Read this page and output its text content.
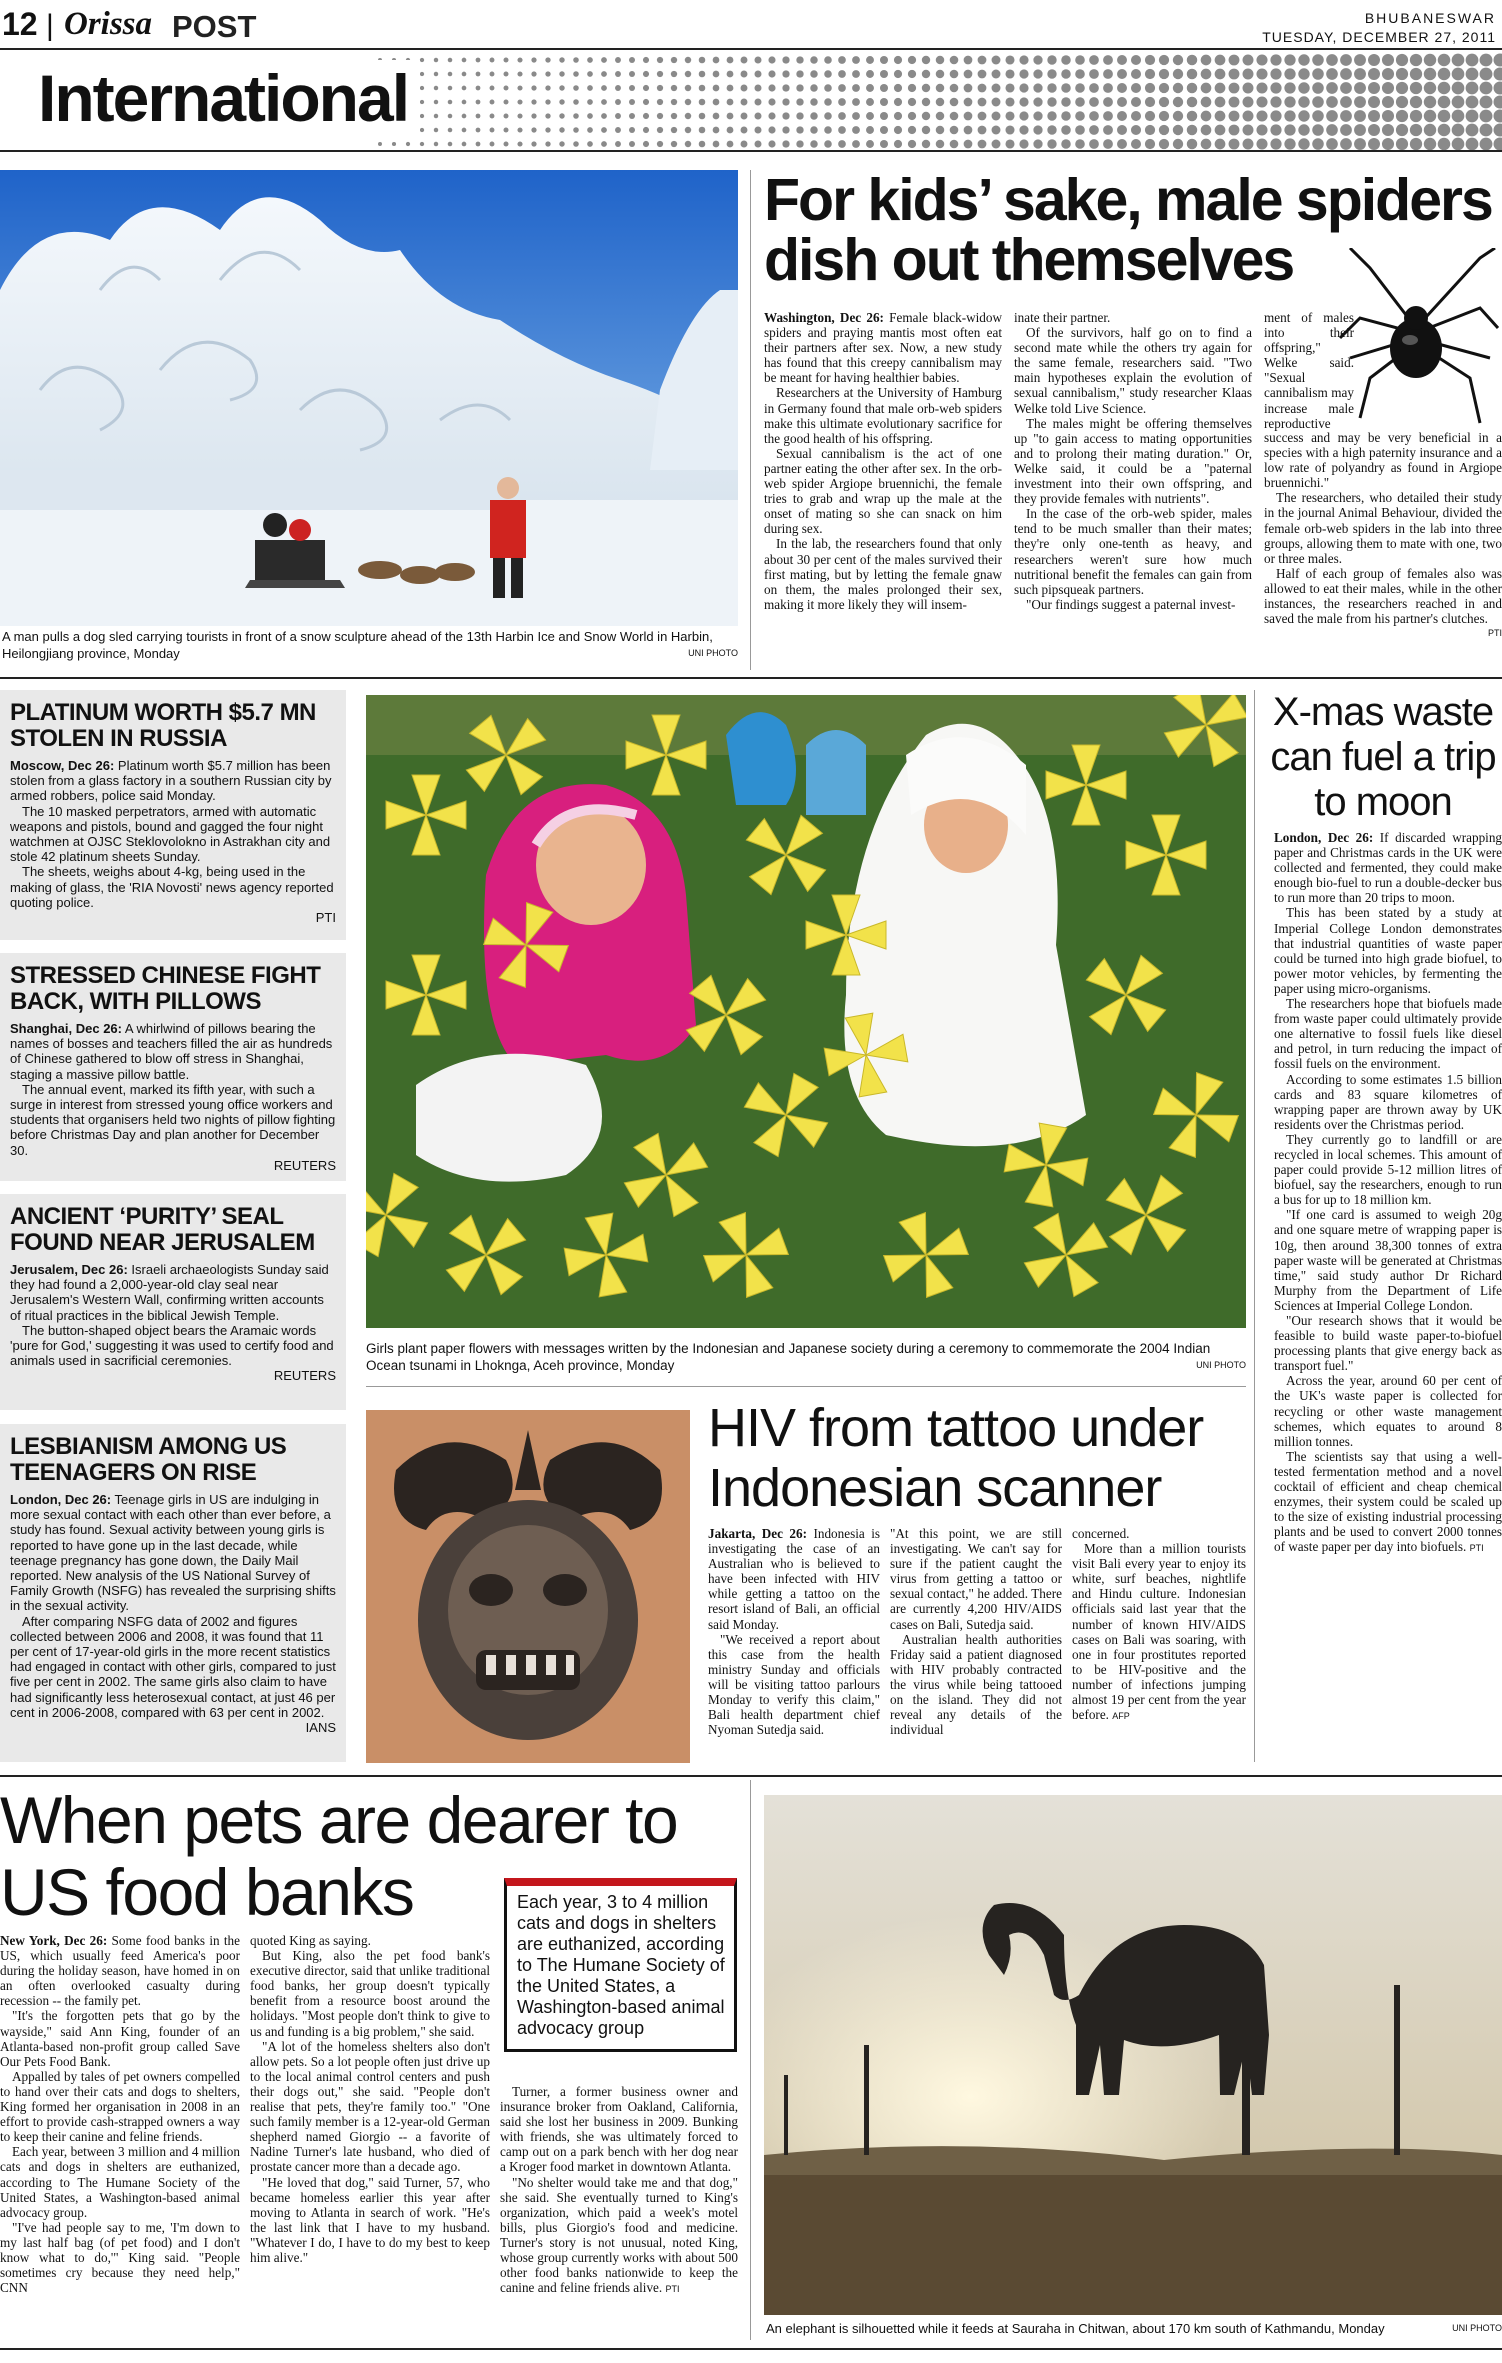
12 | Orissa POST	BHUBANESWAR
TUESDAY, DECEMBER 27, 2011
International
A man pulls a dog sled carrying tourists in front of a snow sculpture ahead of the 13th Harbin Ice and Snow World in Harbin, Heilongjiang province, Monday	UNI PHOTO
For kids’ sake, male spiders dish out themselves

Washington, Dec 26: Female black-widow spiders and praying mantis most often eat their partners after sex. Now, a new study has found that this creepy cannibalism may be meant for having healthier babies.

Researchers at the University of Hamburg in Germany found that male orb-web spiders make this ultimate evolutionary sacrifice for the good health of his offspring.

Sexual cannibalism is the act of one partner eating the other after sex. In the orb-web spider Argiope bruennichi, the female tries to grab and wrap up the male at the onset of mating so she can snack on him during sex.

In the lab, the researchers found that only about 30 per cent of the males survived their first mating, but by letting the female gnaw on them, the males prolonged their sex, making it more likely they will insem-

inate their partner.

Of the survivors, half go on to find a second mate while the others try again for the same female, researchers said. "Two main hypotheses explain the evolution of sexual cannibalism," study researcher Klaas Welke told Live Science.

The males might be offering themselves up "to gain access to mating opportunities and to prolong their mating duration." Or, Welke said, it could be a "paternal investment into their own offspring, and they provide females with nutrients".

In the case of the orb-web spider, males tend to be much smaller than their mates; they're only one-tenth as heavy, and researchers weren't sure how much nutritional benefit the females can gain from such pipsqueak partners.

"Our findings suggest a paternal invest-

ment of males into their offspring," Welke said. "Sexual cannibalism may increase male reproductive

success and may be very beneficial in a species with a high paternity insurance and a low rate of polyandry as found in Argiope bruennichi."

The researchers, who detailed their study in the journal Animal Behaviour, divided the female orb-web spiders in the lab into three groups, allowing them to mate with one, two or three males.

Half of each group of females also was allowed to eat their males, while in the other instances, the researchers reached in and saved the male from his partner's clutches.

PTI

PLATINUM WORTH $5.7 MN STOLEN IN RUSSIA

Moscow, Dec 26: Platinum worth $5.7 million has been stolen from a glass factory in a southern Russian city by armed robbers, police said Monday.

The 10 masked perpetrators, armed with automatic weapons and pistols, bound and gagged the four night watchmen at OJSC Steklovolokno in Astrakhan city and stole 42 platinum sheets Sunday.

The sheets, weighs about 4-kg, being used in the making of glass, the 'RIA Novosti' news agency reported quoting police.

PTI

STRESSED CHINESE FIGHT BACK, WITH PILLOWS

Shanghai, Dec 26: A whirlwind of pillows bearing the names of bosses and teachers filled the air as hundreds of Chinese gathered to blow off stress in Shanghai, staging a massive pillow battle.

The annual event, marked its fifth year, with such a surge in interest from stressed young office workers and students that organisers held two nights of pillow fighting before Christmas Day and plan another for December 30.

REUTERS

ANCIENT ‘PURITY’ SEAL FOUND NEAR JERUSALEM

Jerusalem, Dec 26: Israeli archaeologists Sunday said they had found a 2,000-year-old clay seal near Jerusalem's Western Wall, confirming written accounts of ritual practices in the biblical Jewish Temple.

The button-shaped object bears the Aramaic words 'pure for God,' suggesting it was used to certify food and animals used in sacrificial ceremonies.

REUTERS

LESBIANISM AMONG US TEENAGERS ON RISE

London, Dec 26: Teenage girls in US are indulging in more sexual contact with each other than ever before, a study has found. Sexual activity between young girls is reported to have gone up in the last decade, while teenage pregnancy has gone down, the Daily Mail reported. New analysis of the US National Survey of Family Growth (NSFG) has revealed the surprising shifts in the sexual activity.

After comparing NSFG data of 2002 and figures collected between 2006 and 2008, it was found that 11 per cent of 17-year-old girls in the more recent statistics had engaged in contact with other girls, compared to just five per cent in 2002. The same girls also claim to have had significantly less heterosexual contact, at just 46 per cent in 2006-2008, compared with 63 per cent in 2002.

IANS

Girls plant paper flowers with messages written by the Indonesian and Japanese society during a ceremony to commemorate the 2004 Indian Ocean tsunami in Lhoknga, Aceh province, Monday	UNI PHOTO
X-mas waste can fuel a trip to moon

London, Dec 26: If discarded wrapping paper and Christmas cards in the UK were collected and fermented, they could make enough bio-fuel to run a double-decker bus to run more than 20 trips to moon.

This has been stated by a study at Imperial College London demonstrates that industrial quantities of waste paper could be turned into high grade biofuel, to power motor vehicles, by fermenting the paper using micro-organisms.

The researchers hope that biofuels made from waste paper could ultimately provide one alternative to fossil fuels like diesel and petrol, in turn reducing the impact of fossil fuels on the environment.

According to some estimates 1.5 billion cards and 83 square kilometres of wrapping paper are thrown away by UK residents over the Christmas period.

They currently go to landfill or are recycled in local schemes. This amount of paper could provide 5-12 million litres of biofuel, say the researchers, enough to run a bus for up to 18 million km.

"If one card is assumed to weigh 20g and one square metre of wrapping paper is 10g, then around 38,300 tonnes of extra paper waste will be generated at Christmas time," said study author Dr Richard Murphy from the Department of Life Sciences at Imperial College London.

"Our research shows that it would be feasible to build waste paper-to-biofuel processing plants that give energy back as transport fuel."

Across the year, around 60 per cent of the UK's waste paper is collected for recycling or other waste management schemes, which equates to around 8 million tonnes.

The scientists say that using a well-tested fermentation method and a novel cocktail of efficient and cheap chemical enzymes, their system could be scaled up to the size of existing industrial processing plants and be used to convert 2000 tonnes of waste paper per day into biofuels. PTI

HIV from tattoo under Indonesian scanner

Jakarta, Dec 26: Indonesia is investigating the case of an Australian who is believed to have been infected with HIV while getting a tattoo on the resort island of Bali, an official said Monday.

"We received a report about this case from the health ministry Sunday and officials will be visiting tattoo parlours Monday to verify this claim," Bali health department chief Nyoman Sutedja said.

"At this point, we are still investigating. We can't say for sure if the patient caught the virus from getting a tattoo or sexual contact," he added. There are currently 4,200 HIV/AIDS cases on Bali, Sutedja said.

Australian health authorities Friday said a patient diagnosed with HIV probably contracted the virus while being tattooed on the island. They did not reveal any details of the individual

concerned.

More than a million tourists visit Bali every year to enjoy its white, surf beaches, nightlife and Hindu culture. Indonesian officials said last year that the number of known HIV/AIDS cases on Bali was soaring, with one in four prostitutes reported to be HIV-positive and the number of infections jumping almost 19 per cent from the year before. AFP

When pets are dearer to US food banks	Each year, 3 to 4 million cats and dogs in shelters are euthanized, according to The Humane Society of the United States, a Washington-based animal advocacy group

New York, Dec 26: Some food banks in the US, which usually feed America's poor during the holiday season, have homed in on an often overlooked casualty during recession -- the family pet.

"It's the forgotten pets that go by the wayside," said Ann King, founder of an Atlanta-based non-profit group called Save Our Pets Food Bank.

Appalled by tales of pet owners compelled to hand over their cats and dogs to shelters, King formed her organisation in 2008 in an effort to provide cash-strapped owners a way to keep their canine and feline friends.

Each year, between 3 million and 4 million cats and dogs in shelters are euthanized, according to The Humane Society of the United States, a Washington-based animal advocacy group.

"I've had people say to me, 'I'm down to my last half bag (of pet food) and I don't know what to do,'" King said. "People sometimes cry because they need help," CNN

quoted King as saying.

But King, also the pet food bank's executive director, said that unlike traditional food banks, her group doesn't typically benefit from a resource boost around the holidays. "Most people don't think to give to us and funding is a big problem," she said.

"A lot of the homeless shelters also don't allow pets. So a lot people often just drive up to the local animal control centers and push their dogs out," she said. "People don't realise that pets, they're family too." "One such family member is a 12-year-old German shepherd named Giorgio -- a favorite of Nadine Turner's late husband, who died of prostate cancer more than a decade ago.

"He loved that dog," said Turner, 57, who became homeless earlier this year after moving to Atlanta in search of work. "He's the last link that I have to my husband. "Whatever I do, I have to do my best to keep him alive."

Turner, a former business owner and insurance broker from Oakland, California, said she lost her business in 2009. Bunking with friends, she was ultimately forced to camp out on a park bench with her dog near a Kroger food market in downtown Atlanta.

"No shelter would take me and that dog," she said. She eventually turned to King's organization, which paid a week's motel bills, plus Giorgio's food and medicine. Turner's story is not unusual, noted King, whose group currently works with about 500 other food banks nationwide to keep the canine and feline friends alive. PTI

An elephant is silhouetted while it feeds at Sauraha in Chitwan, about 170 km south of Kathmandu, Monday	UNI PHOTO
